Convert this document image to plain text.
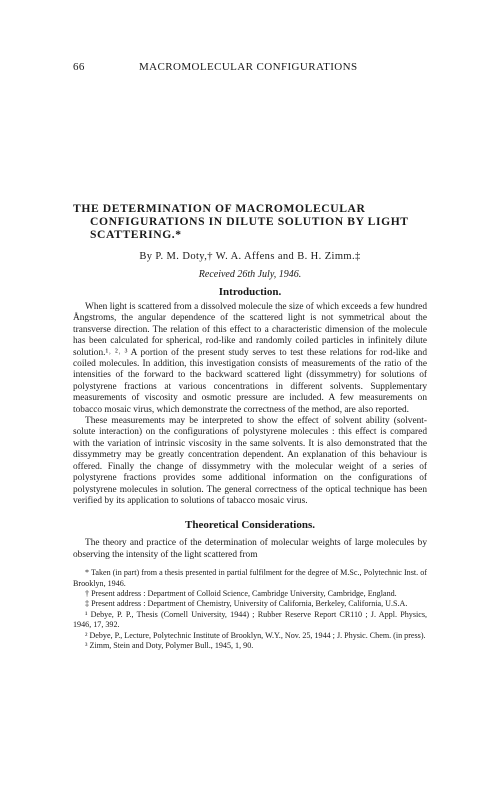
66	MACROMOLECULAR CONFIGURATIONS
THE DETERMINATION OF MACROMOLECULAR CONFIGURATIONS IN DILUTE SOLUTION BY LIGHT SCATTERING.*
By P. M. Doty,† W. A. Affens and B. H. Zimm.‡
Received 26th July, 1946.
Introduction.

When light is scattered from a dissolved molecule the size of which exceeds a few hundred Ångstroms, the angular dependence of the scattered light is not symmetrical about the transverse direction. The relation of this effect to a characteristic dimension of the molecule has been calculated for spherical, rod-like and randomly coiled particles in infinitely dilute solution.¹˒ ²˒ ³ A portion of the present study serves to test these relations for rod-like and coiled molecules. In addition, this investigation consists of measurements of the ratio of the intensities of the forward to the backward scattered light (dissymmetry) for solutions of polystyrene fractions at various concentrations in different solvents. Supplementary measurements of viscosity and osmotic pressure are included. A few measurements on tobacco mosaic virus, which demonstrate the correctness of the method, are also reported.

These measurements may be interpreted to show the effect of solvent ability (solvent-solute interaction) on the configurations of polystyrene molecules : this effect is compared with the variation of intrinsic viscosity in the same solvents. It is also demonstrated that the dissymmetry may be greatly concentration dependent. An explanation of this behaviour is offered. Finally the change of dissymmetry with the molecular weight of a series of polystyrene fractions provides some additional information on the configurations of polystyrene molecules in solution. The general correctness of the optical technique has been verified by its application to solutions of tabacco mosaic virus.

Theoretical Considerations.

The theory and practice of the determination of molecular weights of large molecules by observing the intensity of the light scattered from

* Taken (in part) from a thesis presented in partial fulfilment for the degree of M.Sc., Polytechnic Inst. of Brooklyn, 1946.

† Present address : Department of Colloid Science, Cambridge University, Cambridge, England.

‡ Present address : Department of Chemistry, University of California, Berkeley, California, U.S.A.

¹ Debye, P. P., Thesis (Cornell University, 1944) ; Rubber Reserve Report CR110 ; J. Appl. Physics, 1946, 17, 392.

² Debye, P., Lecture, Polytechnic Institute of Brooklyn, W.Y., Nov. 25, 1944 ; J. Physic. Chem. (in press).

³ Zimm, Stein and Doty, Polymer Bull., 1945, 1, 90.
